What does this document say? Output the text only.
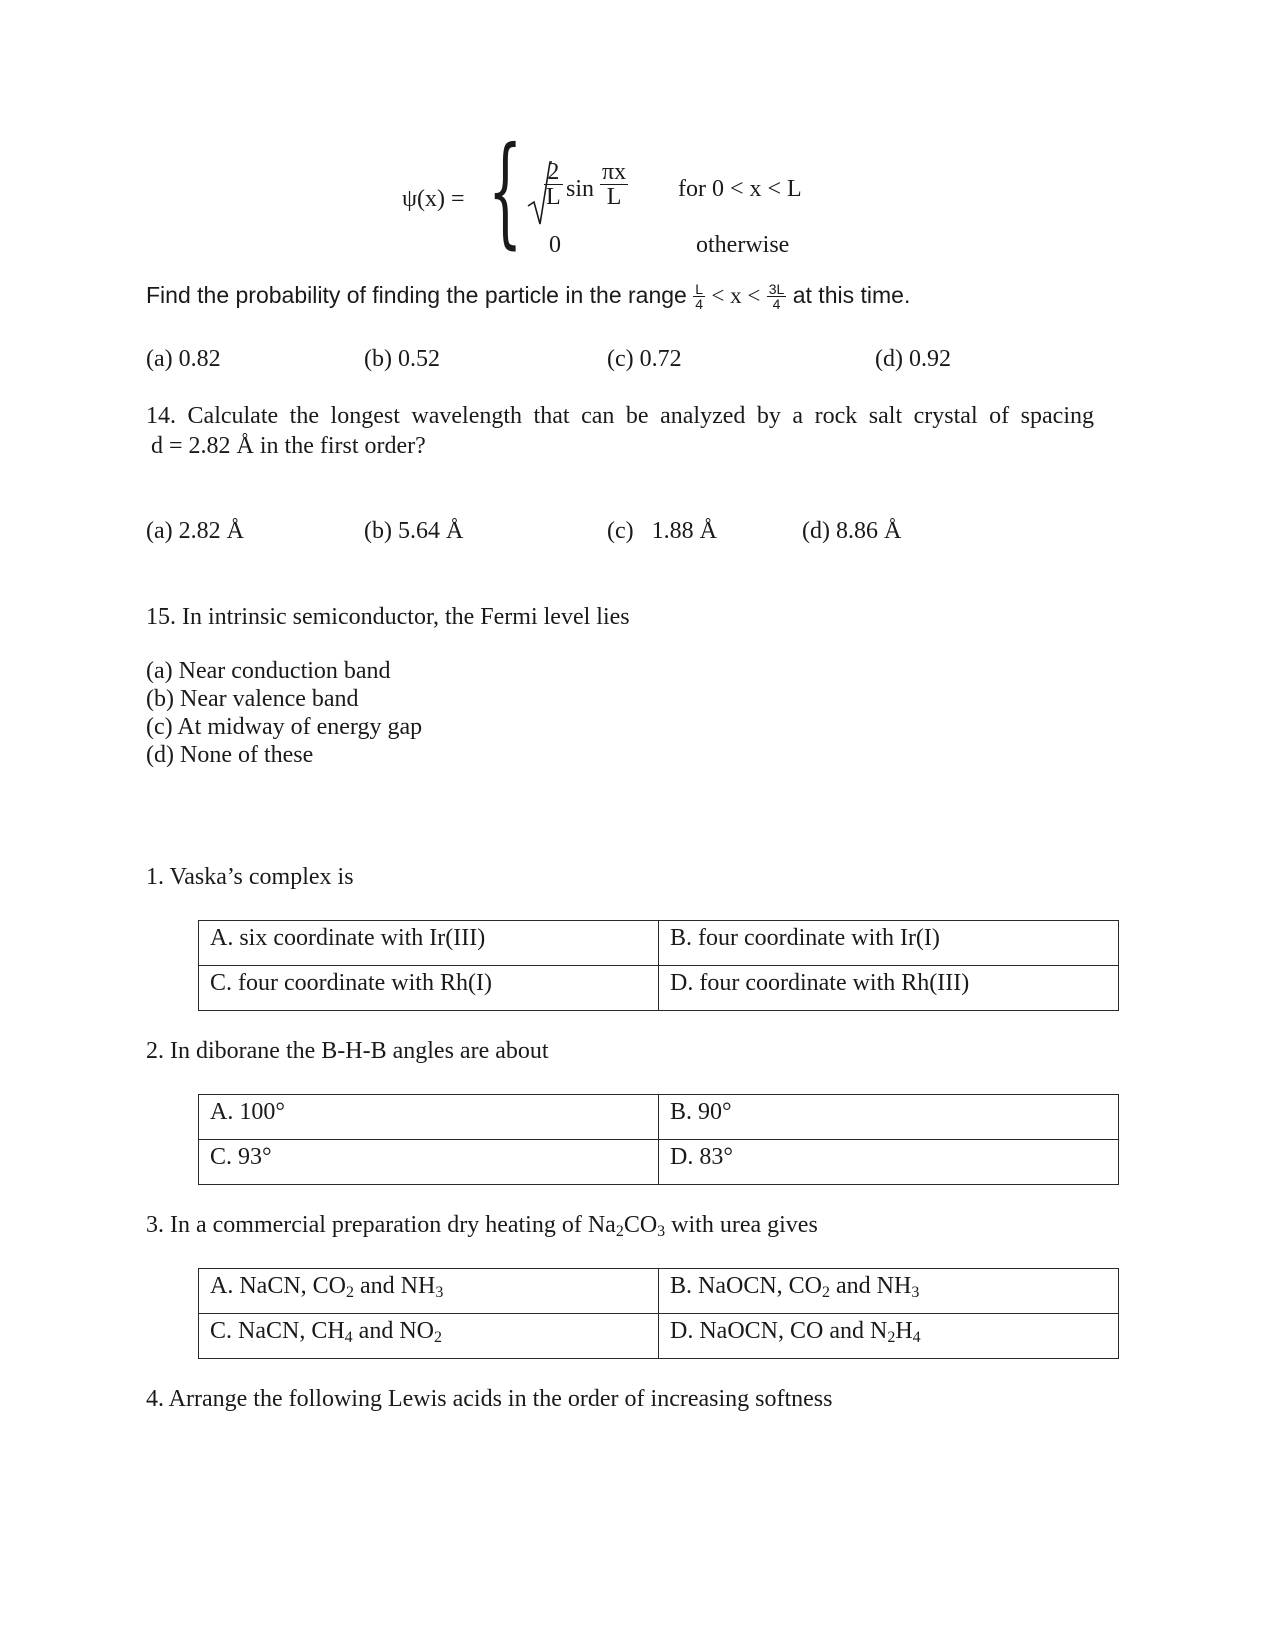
ψ(x) = { $\frac{2}{L}$ $\sin \frac{\pi x}{L}$ for 0 < x < L
0	otherwise
Find the probability of finding the particle in the range $\frac{L}{4} < x < \frac{3L}{4}$ at this time.
(a) 0.82	(b) 0.52	(c) 0.72	(d) 0.92
14. Calculate the longest wavelength that can be analyzed by a rock salt crystal of spacing
d = 2.82 Å in the first order?
(a) 2.82 Å	(b) 5.64 Å	(c)   1.88 Å	(d) 8.86 Å
15. In intrinsic semiconductor, the Fermi level lies
(a) Near conduction band
(b) Near valence band
(c) At midway of energy gap
(d) None of these
1. Vaska’s complex is
A. six coordinate with Ir(III)	B. four coordinate with Ir(I)
C. four coordinate with Rh(I)	D. four coordinate with Rh(III)
2. In diborane the B-H-B angles are about
A. 100°	B. 90°
C. 93°	D. 83°
3. In a commercial preparation dry heating of $Na_2CO_3$ with urea gives
A. NaCN, $CO_2$ and $NH_3$	B. NaOCN, $CO_2$ and $NH_3$
C. NaCN, $CH_4$ and $NO_2$	D. NaOCN, CO and $N_2H_4$
4. Arrange the following Lewis acids in the order of increasing softness
